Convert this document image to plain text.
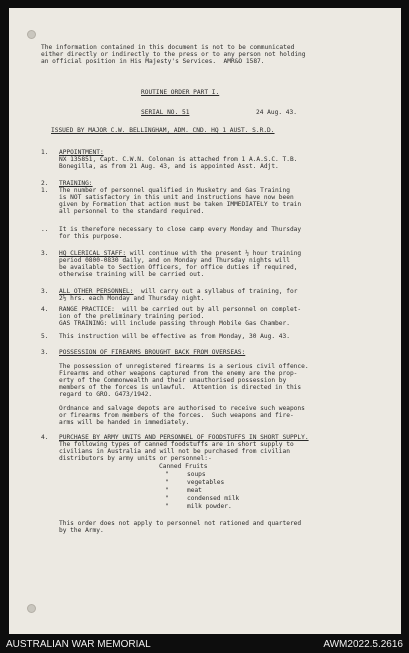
The information contained in this document is not to be communicated
either directly or indirectly to the press or to any person not holding
an official position in His Majesty's Services.  AMR&O 1587.
ROUTINE ORDER PART I.
SERIAL NO. 51	24 Aug. 43.
ISSUED BY MAJOR C.W. BELLINGHAM, ADM. CND. HQ 1 AUST. S.R.D.
1. APPOINTMENT:
NX 135851, Capt. C.W.N. Colonan is attached from 1 A.A.S.C. T.B.
Bonegilla, as from 21 Aug. 43, and is appointed Asst. Adjt.
2. TRAINING:
1. The number of personnel qualified in Musketry and Gas Training
is NOT satisfactory in this unit and instructions have now been
given by Formation that action must be taken IMMEDIATELY to train
all personnel to the standard required.
.. It is therefore necessary to close camp every Monday and Thursday
for this purpose.
3. HQ CLERICAL STAFF: will continue with the present ½ hour training
period 0800-0830 daily, and on Monday and Thursday nights will
be available to Section Officers, for office duties if required,
otherwise training will be carried out.
3. ALL OTHER PERSONNEL:  will carry out a syllabus of training, for
2½ hrs. each Monday and Thursday night.
4. RANGE PRACTICE:  will be carried out by all personnel on complet-
ion of the preliminary training period.
GAS TRAINING: will include passing through Mobile Gas Chamber.
5. This instruction will be effective as from Monday, 30 Aug. 43.
3. POSSESSION OF FIREARMS BROUGHT BACK FROM OVERSEAS:
The possession of unregistered firearms is a serious civil offence.
Firearms and other weapons captured from the enemy are the prop-
erty of the Commonwealth and their unauthorised possession by
members of the forces is unlawful.  Attention is directed in this
regard to GRO. G473/1942.
Ordnance and salvage depots are authorised to receive such weapons
or firearms from members of the forces.  Such weapons and fire-
arms will be handed in immediately.
4. PURCHASE BY ARMY UNITS AND PERSONNEL OF FOODSTUFFS IN SHORT SUPPLY.
The following types of canned foodstuffs are in short supply to
civilians in Australia and will not be purchased from civilian
distributors by army units or personnel:-
Canned Fruits
"	soups
"	vegetables
"	meat
"	condensed milk
"	milk powder.
This order does not apply to personnel not rationed and quartered
by the Army.
AUSTRALIAN WAR MEMORIAL	AWM2022.5.2616
